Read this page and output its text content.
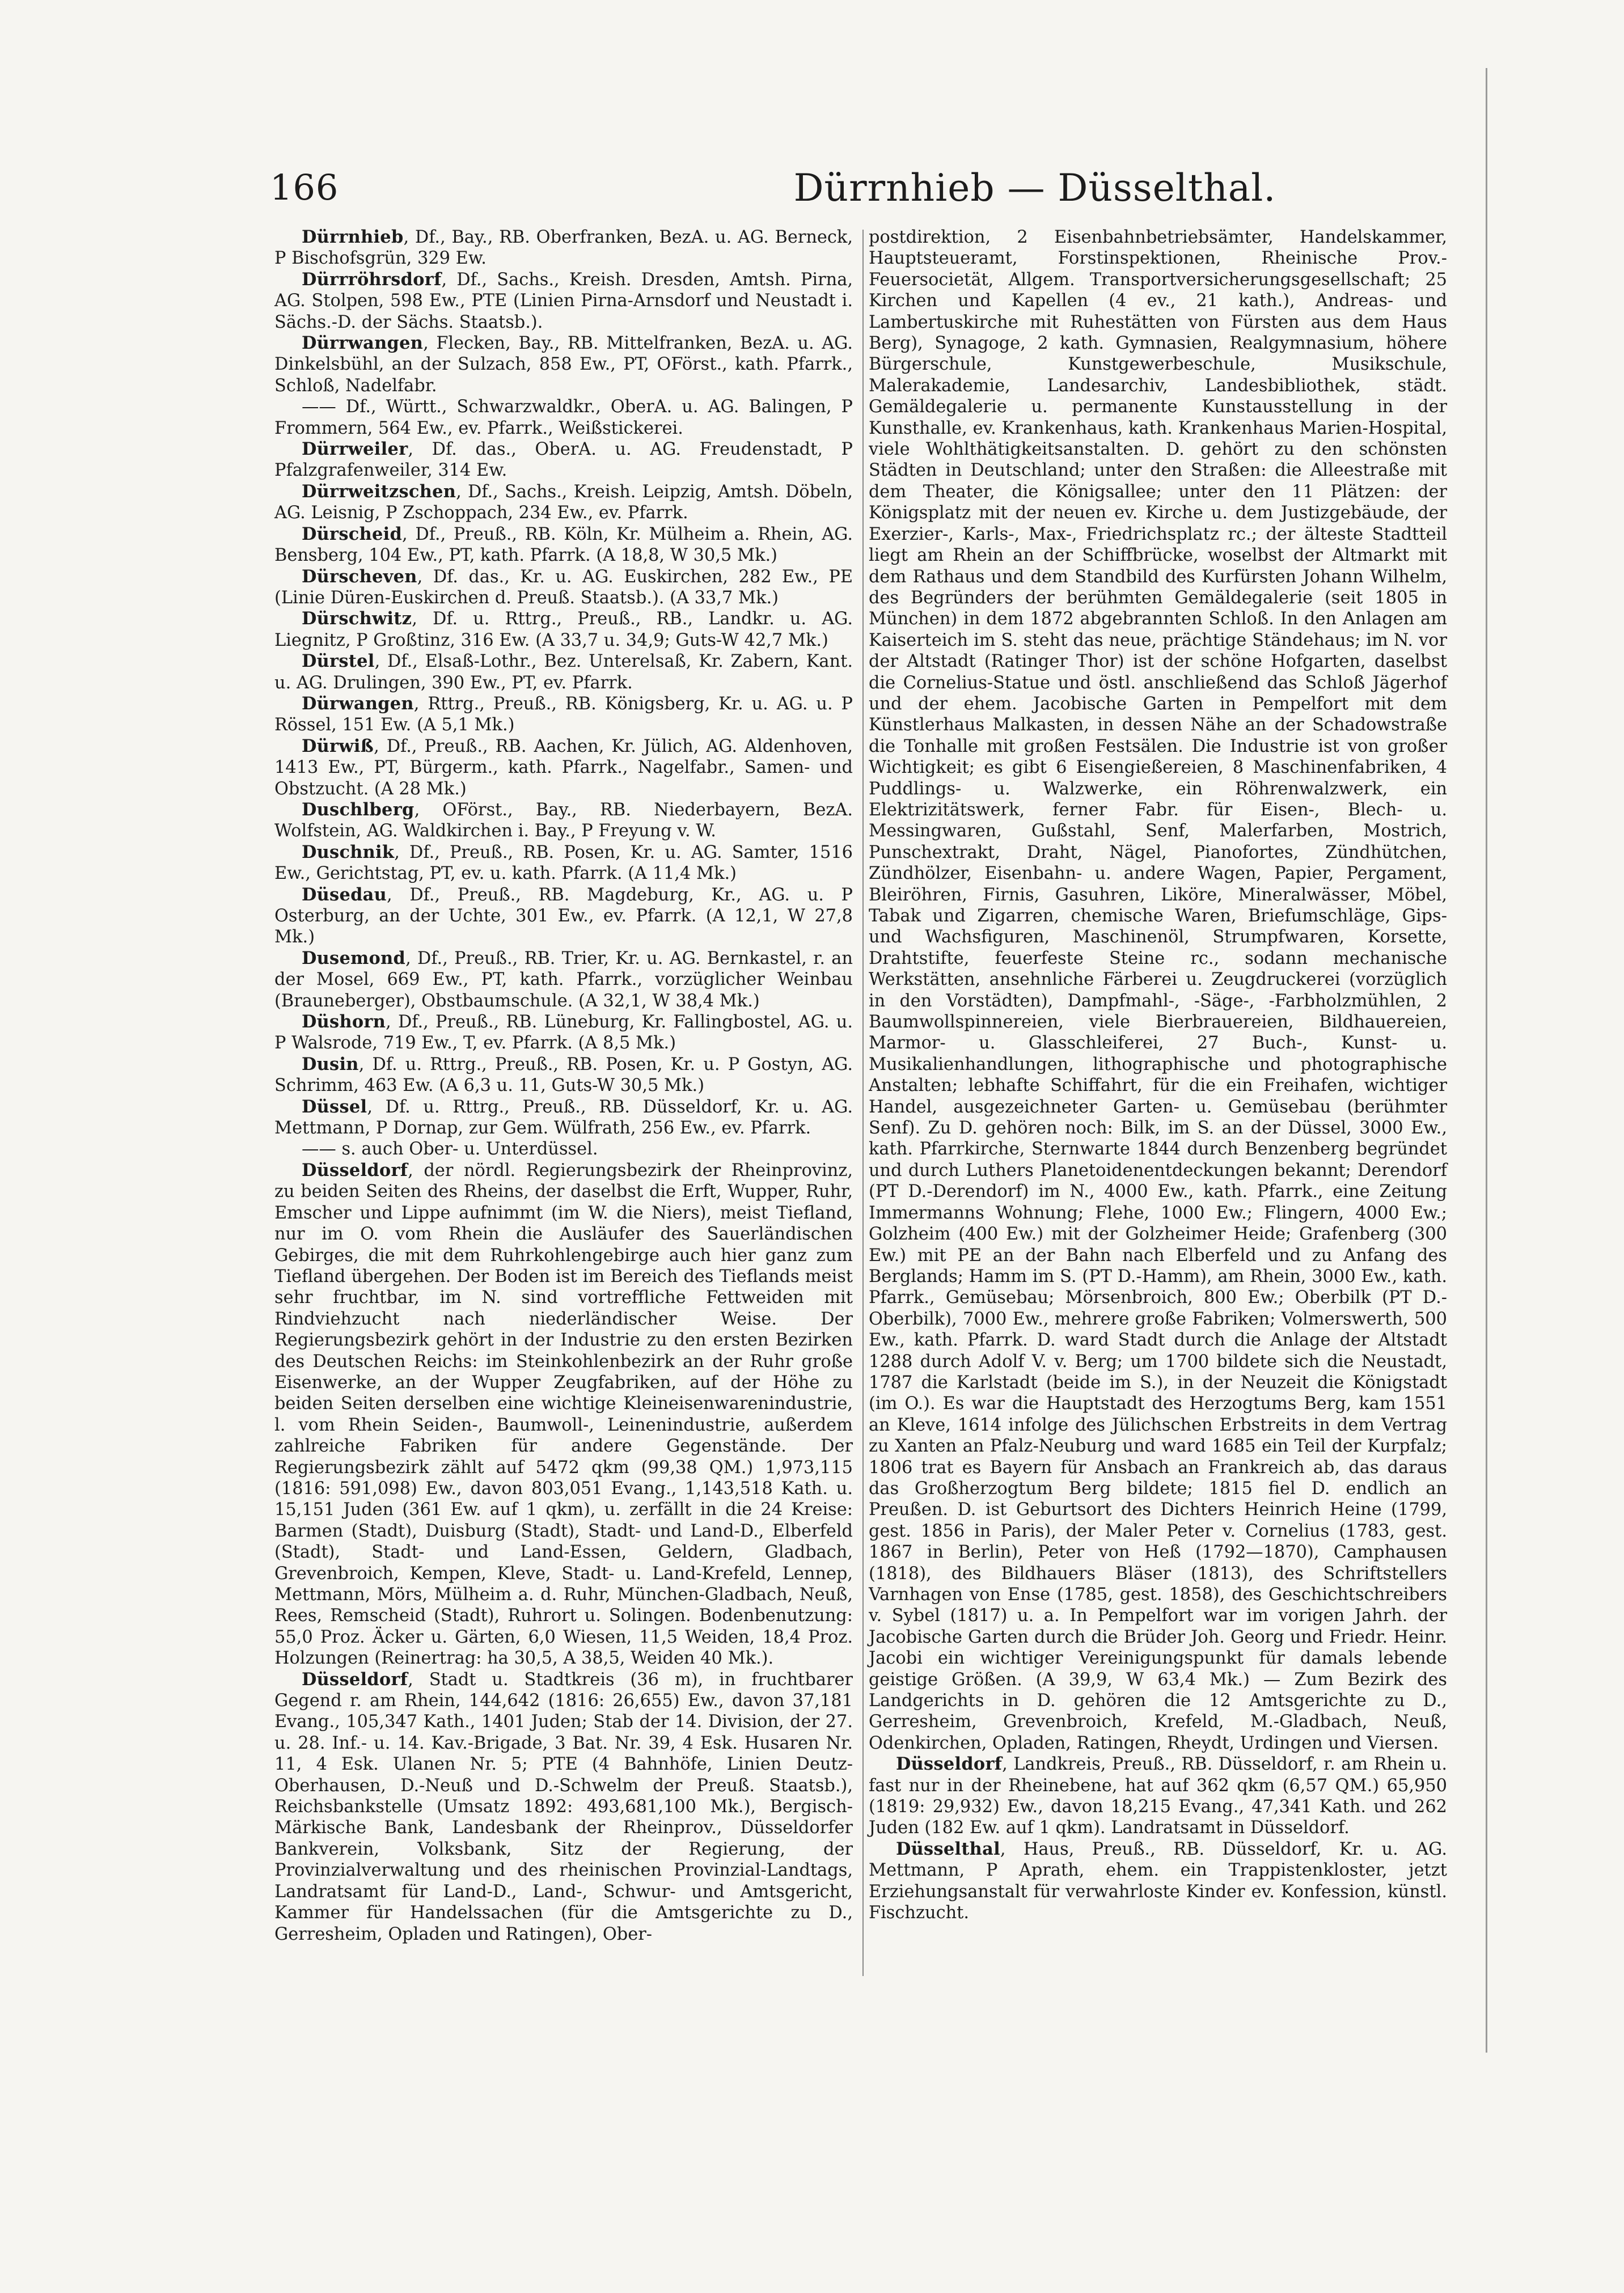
166	Dürrnhieb — Düsselthal.

Dürrnhieb, Df., Bay., RB. Oberfranken, BezA. u. AG. Berneck, P Bischofsgrün, 329 Ew.

Dürrröhrsdorf, Df., Sachs., Kreish. Dresden, Amtsh. Pirna, AG. Stolpen, 598 Ew., PTE (Linien Pirna-Arnsdorf und Neustadt i. Sächs.-D. der Sächs. Staatsb.).

Dürrwangen, Flecken, Bay., RB. Mittelfranken, BezA. u. AG. Dinkelsbühl, an der Sulzach, 858 Ew., PT, OFörst., kath. Pfarrk., Schloß, Nadelfabr.

—— Df., Württ., Schwarzwaldkr., OberA. u. AG. Balingen, P Frommern, 564 Ew., ev. Pfarrk., Weißstickerei.

Dürrweiler, Df. das., OberA. u. AG. Freudenstadt, P Pfalzgrafenweiler, 314 Ew.

Dürrweitzschen, Df., Sachs., Kreish. Leipzig, Amtsh. Döbeln, AG. Leisnig, P Zschoppach, 234 Ew., ev. Pfarrk.

Dürscheid, Df., Preuß., RB. Köln, Kr. Mülheim a. Rhein, AG. Bensberg, 104 Ew., PT, kath. Pfarrk. (A 18,8, W 30,5 Mk.)

Dürscheven, Df. das., Kr. u. AG. Euskirchen, 282 Ew., PE (Linie Düren-Euskirchen d. Preuß. Staatsb.). (A 33,7 Mk.)

Dürschwitz, Df. u. Rttrg., Preuß., RB., Landkr. u. AG. Liegnitz, P Großtinz, 316 Ew. (A 33,7 u. 34,9; Guts-W 42,7 Mk.)

Dürstel, Df., Elsaß-Lothr., Bez. Unterelsaß, Kr. Zabern, Kant. u. AG. Drulingen, 390 Ew., PT, ev. Pfarrk.

Dürwangen, Rttrg., Preuß., RB. Königsberg, Kr. u. AG. u. P Rössel, 151 Ew. (A 5,1 Mk.)

Dürwiß, Df., Preuß., RB. Aachen, Kr. Jülich, AG. Aldenhoven, 1413 Ew., PT, Bürgerm., kath. Pfarrk., Nagelfabr., Samen- und Obstzucht. (A 28 Mk.)

Duschlberg, OFörst., Bay., RB. Niederbayern, BezA. Wolfstein, AG. Waldkirchen i. Bay., P Freyung v. W.

Duschnik, Df., Preuß., RB. Posen, Kr. u. AG. Samter, 1516 Ew., Gerichtstag, PT, ev. u. kath. Pfarrk. (A 11,4 Mk.)

Düsedau, Df., Preuß., RB. Magdeburg, Kr., AG. u. P Osterburg, an der Uchte, 301 Ew., ev. Pfarrk. (A 12,1, W 27,8 Mk.)

Dusemond, Df., Preuß., RB. Trier, Kr. u. AG. Bernkastel, r. an der Mosel, 669 Ew., PT, kath. Pfarrk., vorzüglicher Weinbau (Brauneberger), Obstbaumschule. (A 32,1, W 38,4 Mk.)

Düshorn, Df., Preuß., RB. Lüneburg, Kr. Fallingbostel, AG. u. P Walsrode, 719 Ew., T, ev. Pfarrk. (A 8,5 Mk.)

Dusin, Df. u. Rttrg., Preuß., RB. Posen, Kr. u. P Gostyn, AG. Schrimm, 463 Ew. (A 6,3 u. 11, Guts-W 30,5 Mk.)

Düssel, Df. u. Rttrg., Preuß., RB. Düsseldorf, Kr. u. AG. Mettmann, P Dornap, zur Gem. Wülfrath, 256 Ew., ev. Pfarrk.

—— s. auch Ober- u. Unterdüssel.

Düsseldorf, der nördl. Regierungsbezirk der Rheinprovinz, zu beiden Seiten des Rheins, der daselbst die Erft, Wupper, Ruhr, Emscher und Lippe aufnimmt (im W. die Niers), meist Tiefland, nur im O. vom Rhein die Ausläufer des Sauerländischen Gebirges, die mit dem Ruhrkohlengebirge auch hier ganz zum Tiefland übergehen. Der Boden ist im Bereich des Tieflands meist sehr fruchtbar, im N. sind vortreffliche Fettweiden mit Rindviehzucht nach niederländischer Weise. Der Regierungsbezirk gehört in der Industrie zu den ersten Bezirken des Deutschen Reichs: im Steinkohlenbezirk an der Ruhr große Eisenwerke, an der Wupper Zeugfabriken, auf der Höhe zu beiden Seiten derselben eine wichtige Kleineisenwarenindustrie, l. vom Rhein Seiden-, Baumwoll-, Leinenindustrie, außerdem zahlreiche Fabriken für andere Gegenstände. Der Regierungsbezirk zählt auf 5472 qkm (99,38 QM.) 1,973,115 (1816: 591,098) Ew., davon 803,051 Evang., 1,143,518 Kath. u. 15,151 Juden (361 Ew. auf 1 qkm), u. zerfällt in die 24 Kreise: Barmen (Stadt), Duisburg (Stadt), Stadt- und Land-D., Elberfeld (Stadt), Stadt- und Land-Essen, Geldern, Gladbach, Grevenbroich, Kempen, Kleve, Stadt- u. Land-Krefeld, Lennep, Mettmann, Mörs, Mülheim a. d. Ruhr, München-Gladbach, Neuß, Rees, Remscheid (Stadt), Ruhrort u. Solingen. Bodenbenutzung: 55,0 Proz. Äcker u. Gärten, 6,0 Wiesen, 11,5 Weiden, 18,4 Proz. Holzungen (Reinertrag: ha 30,5, A 38,5, Weiden 40 Mk.).

Düsseldorf, Stadt u. Stadtkreis (36 m), in fruchtbarer Gegend r. am Rhein, 144,642 (1816: 26,655) Ew., davon 37,181 Evang., 105,347 Kath., 1401 Juden; Stab der 14. Division, der 27. u. 28. Inf.- u. 14. Kav.-Brigade, 3 Bat. Nr. 39, 4 Esk. Husaren Nr. 11, 4 Esk. Ulanen Nr. 5; PTE (4 Bahnhöfe, Linien Deutz-Oberhausen, D.-Neuß und D.-Schwelm der Preuß. Staatsb.), Reichsbankstelle (Umsatz 1892: 493,681,100 Mk.), Bergisch-Märkische Bank, Landesbank der Rheinprov., Düsseldorfer Bankverein, Volksbank, Sitz der Regierung, der Provinzialverwaltung und des rheinischen Provinzial-Landtags, Landratsamt für Land-D., Land-, Schwur- und Amtsgericht, Kammer für Handelssachen (für die Amtsgerichte zu D., Gerresheim, Opladen und Ratingen), Ober-

postdirektion, 2 Eisenbahnbetriebsämter, Handelskammer, Hauptsteueramt, Forstinspektionen, Rheinische Prov.-Feuersocietät, Allgem. Transportversicherungsgesellschaft; 25 Kirchen und Kapellen (4 ev., 21 kath.), Andreas- und Lambertuskirche mit Ruhestätten von Fürsten aus dem Haus Berg), Synagoge, 2 kath. Gymnasien, Realgymnasium, höhere Bürgerschule, Kunstgewerbeschule, Musikschule, Malerakademie, Landesarchiv, Landesbibliothek, städt. Gemäldegalerie u. permanente Kunstausstellung in der Kunsthalle, ev. Krankenhaus, kath. Krankenhaus Marien-Hospital, viele Wohlthätigkeitsanstalten. D. gehört zu den schönsten Städten in Deutschland; unter den Straßen: die Alleestraße mit dem Theater, die Königsallee; unter den 11 Plätzen: der Königsplatz mit der neuen ev. Kirche u. dem Justizgebäude, der Exerzier-, Karls-, Max-, Friedrichsplatz rc.; der älteste Stadtteil liegt am Rhein an der Schiffbrücke, woselbst der Altmarkt mit dem Rathaus und dem Standbild des Kurfürsten Johann Wilhelm, des Begründers der berühmten Gemäldegalerie (seit 1805 in München) in dem 1872 abgebrannten Schloß. In den Anlagen am Kaiserteich im S. steht das neue, prächtige Ständehaus; im N. vor der Altstadt (Ratinger Thor) ist der schöne Hofgarten, daselbst die Cornelius-Statue und östl. anschließend das Schloß Jägerhof und der ehem. Jacobische Garten in Pempelfort mit dem Künstlerhaus Malkasten, in dessen Nähe an der Schadowstraße die Tonhalle mit großen Festsälen. Die Industrie ist von großer Wichtigkeit; es gibt 6 Eisengießereien, 8 Maschinenfabriken, 4 Puddlings- u. Walzwerke, ein Röhrenwalzwerk, ein Elektrizitätswerk, ferner Fabr. für Eisen-, Blech- u. Messingwaren, Gußstahl, Senf, Malerfarben, Mostrich, Punschextrakt, Draht, Nägel, Pianofortes, Zündhütchen, Zündhölzer, Eisenbahn- u. andere Wagen, Papier, Pergament, Bleiröhren, Firnis, Gasuhren, Liköre, Mineralwässer, Möbel, Tabak und Zigarren, chemische Waren, Briefumschläge, Gips- und Wachsfiguren, Maschinenöl, Strumpfwaren, Korsette, Drahtstifte, feuerfeste Steine rc., sodann mechanische Werkstätten, ansehnliche Färberei u. Zeugdruckerei (vorzüglich in den Vorstädten), Dampfmahl-, -Säge-, -Farbholzmühlen, 2 Baumwollspinnereien, viele Bierbrauereien, Bildhauereien, Marmor- u. Glasschleiferei, 27 Buch-, Kunst- u. Musikalienhandlungen, lithographische und photographische Anstalten; lebhafte Schiffahrt, für die ein Freihafen, wichtiger Handel, ausgezeichneter Garten- u. Gemüsebau (berühmter Senf). Zu D. gehören noch: Bilk, im S. an der Düssel, 3000 Ew., kath. Pfarrkirche, Sternwarte 1844 durch Benzenberg begründet und durch Luthers Planetoidenentdeckungen bekannt; Derendorf (PT D.-Derendorf) im N., 4000 Ew., kath. Pfarrk., eine Zeitung Immermanns Wohnung; Flehe, 1000 Ew.; Flingern, 4000 Ew.; Golzheim (400 Ew.) mit der Golzheimer Heide; Grafenberg (300 Ew.) mit PE an der Bahn nach Elberfeld und zu Anfang des Berglands; Hamm im S. (PT D.-Hamm), am Rhein, 3000 Ew., kath. Pfarrk., Gemüsebau; Mörsenbroich, 800 Ew.; Oberbilk (PT D.-Oberbilk), 7000 Ew., mehrere große Fabriken; Volmerswerth, 500 Ew., kath. Pfarrk. D. ward Stadt durch die Anlage der Altstadt 1288 durch Adolf V. v. Berg; um 1700 bildete sich die Neustadt, 1787 die Karlstadt (beide im S.), in der Neuzeit die Königstadt (im O.). Es war die Hauptstadt des Herzogtums Berg, kam 1551 an Kleve, 1614 infolge des Jülichschen Erbstreits in dem Vertrag zu Xanten an Pfalz-Neuburg und ward 1685 ein Teil der Kurpfalz; 1806 trat es Bayern für Ansbach an Frankreich ab, das daraus das Großherzogtum Berg bildete; 1815 fiel D. endlich an Preußen. D. ist Geburtsort des Dichters Heinrich Heine (1799, gest. 1856 in Paris), der Maler Peter v. Cornelius (1783, gest. 1867 in Berlin), Peter von Heß (1792—1870), Camphausen (1818), des Bildhauers Bläser (1813), des Schriftstellers Varnhagen von Ense (1785, gest. 1858), des Geschichtschreibers v. Sybel (1817) u. a. In Pempelfort war im vorigen Jahrh. der Jacobische Garten durch die Brüder Joh. Georg und Friedr. Heinr. Jacobi ein wichtiger Vereinigungspunkt für damals lebende geistige Größen. (A 39,9, W 63,4 Mk.) — Zum Bezirk des Landgerichts in D. gehören die 12 Amtsgerichte zu D., Gerresheim, Grevenbroich, Krefeld, M.-Gladbach, Neuß, Odenkirchen, Opladen, Ratingen, Rheydt, Urdingen und Viersen.

Düsseldorf, Landkreis, Preuß., RB. Düsseldorf, r. am Rhein u. fast nur in der Rheinebene, hat auf 362 qkm (6,57 QM.) 65,950 (1819: 29,932) Ew., davon 18,215 Evang., 47,341 Kath. und 262 Juden (182 Ew. auf 1 qkm). Landratsamt in Düsseldorf.

Düsselthal, Haus, Preuß., RB. Düsseldorf, Kr. u. AG. Mettmann, P Aprath, ehem. ein Trappistenkloster, jetzt Erziehungsanstalt für verwahrloste Kinder ev. Konfession, künstl. Fischzucht.
